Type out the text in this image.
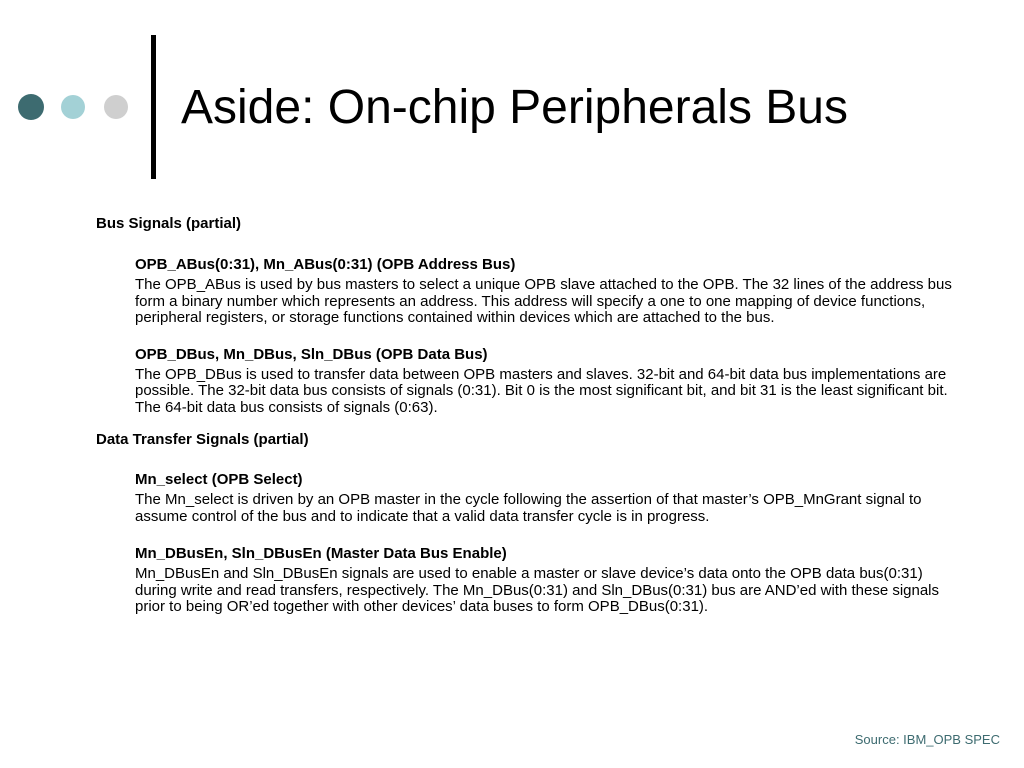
Aside: On-chip Peripherals Bus

Bus Signals (partial)

OPB_ABus(0:31), Mn_ABus(0:31) (OPB Address Bus)

The OPB_ABus is used by bus masters to select a unique OPB slave attached to the OPB. The 32 lines of the address bus form a binary number which represents an address. This address will specify a one to one mapping of device functions, peripheral registers, or storage functions contained within devices which are attached to the bus.

OPB_DBus, Mn_DBus, Sln_DBus (OPB Data Bus)

The OPB_DBus is used to transfer data between OPB masters and slaves. 32-bit and 64-bit data bus implementations are possible. The 32-bit data bus consists of signals (0:31). Bit 0 is the most significant bit, and bit 31 is the least significant bit. The 64-bit data bus consists of signals (0:63).

Data Transfer Signals (partial)

Mn_select (OPB Select)

The Mn_select is driven by an OPB master in the cycle following the assertion of that master’s OPB_MnGrant signal to assume control of the bus and to indicate that a valid data transfer cycle is in progress.

Mn_DBusEn, Sln_DBusEn (Master Data Bus Enable)

Mn_DBusEn and Sln_DBusEn signals are used to enable a master or slave device’s data onto the OPB data bus(0:31) during write and read transfers, respectively. The Mn_DBus(0:31) and Sln_DBus(0:31) bus are AND’ed with these signals prior to being OR’ed together with other devices’ data buses to form OPB_DBus(0:31).

Source: IBM_OPB SPEC
